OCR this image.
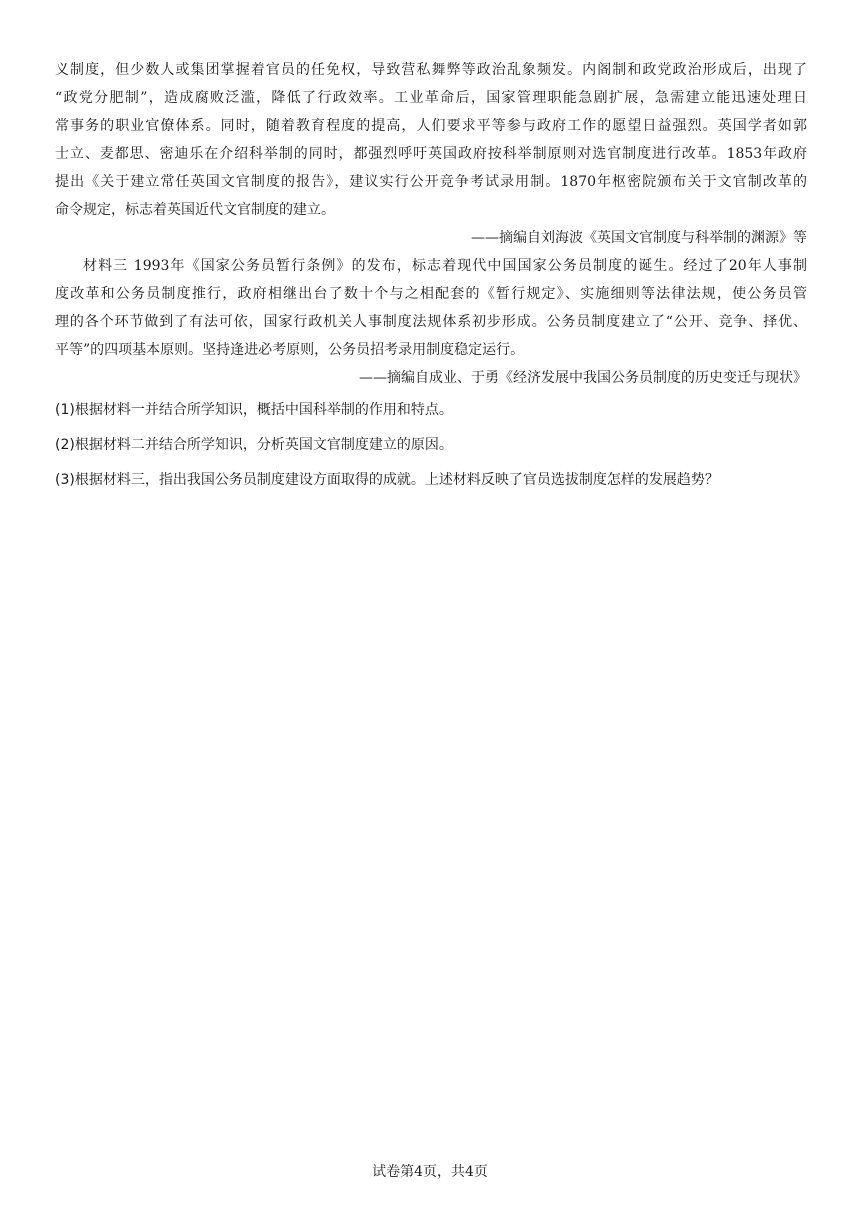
义制度，但少数人或集团掌握着官员的任免权，导致营私舞弊等政治乱象频发。内阁制和政党政治形成后，出现了
“政党分肥制”，造成腐败泛滥，降低了行政效率。工业革命后，国家管理职能急剧扩展，急需建立能迅速处理日
常事务的职业官僚体系。同时，随着教育程度的提高，人们要求平等参与政府工作的愿望日益强烈。英国学者如郭
士立、麦都思、密迪乐在介绍科举制的同时，都强烈呼吁英国政府按科举制原则对选官制度进行改革。1853年政府
提出《关于建立常任英国文官制度的报告》，建议实行公开竞争考试录用制。1870年枢密院颁布关于文官制改革的
命令规定，标志着英国近代文官制度的建立。
——摘编自刘海波《英国文官制度与科举制的渊源》等
材料三 1993年《国家公务员暂行条例》的发布，标志着现代中国国家公务员制度的诞生。经过了20年人事制
度改革和公务员制度推行，政府相继出台了数十个与之相配套的《暂行规定》、实施细则等法律法规，使公务员管
理的各个环节做到了有法可依，国家行政机关人事制度法规体系初步形成。公务员制度建立了“公开、竞争、择优、
平等”的四项基本原则。坚持逢进必考原则，公务员招考录用制度稳定运行。
——摘编自成业、于勇《经济发展中我国公务员制度的历史变迁与现状》
(1)根据材料一并结合所学知识，概括中国科举制的作用和特点。
(2)根据材料二并结合所学知识，分析英国文官制度建立的原因。
(3)根据材料三，指出我国公务员制度建设方面取得的成就。上述材料反映了官员选拔制度怎样的发展趋势？
试卷第4页，共4页
